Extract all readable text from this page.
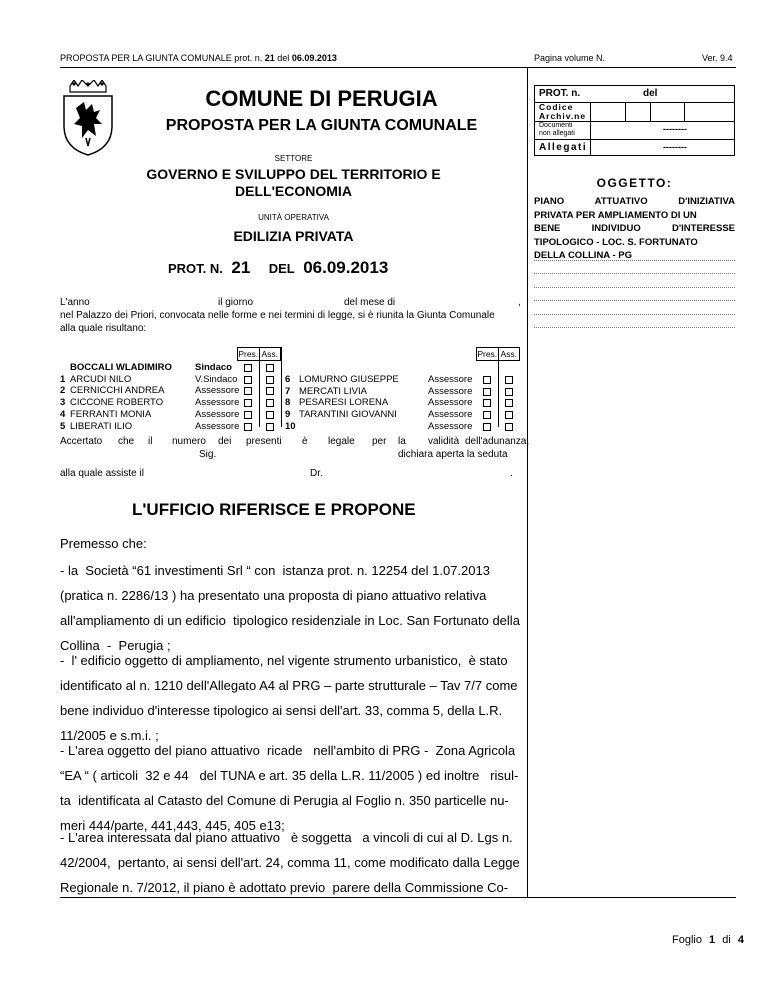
PROPOSTA PER LA GIUNTA COMUNALE prot. n. 21 del 06.09.2013	Pagina volume N.	Ver. 9.4
COMUNE DI PERUGIA
PROPOSTA PER LA GIUNTA COMUNALE
SETTORE
GOVERNO E SVILUPPO DEL TERRITORIO E
DELL'ECONOMIA
UNITÀ OPERATIVA
EDILIZIA PRIVATA
PROT. N. 21 DEL 06.09.2013
PROT. n.	del
Codice
Archiv.ne
Documenti
non allegati	--------
Allegati	--------
OGGETTO:
PIANO	ATTUATIVO	D'INIZIATIVA
PRIVATA PER AMPLIAMENTO DI UN
BENE	INDIVIDUO	D'INTERESSE
TIPOLOGICO - LOC. S. FORTUNATO
DELLA COLLINA - PG
L'anno	il giorno	del mese di	,
nel Palazzo dei Priori, convocata nelle forme e nei termini di legge, si è riunita la Giunta Comunale
alla quale risultano:
Pres. Ass.	Pres. Ass.
BOCCALI WLADIMIRO Sindaco
1 ARCUDI NILO	V.Sindaco
2 CERNICCHI ANDREA	Assessore
3 CICCONE ROBERTO	Assessore
4 FERRANTI MONIA	Assessore
5 LIBERATI ILIO	Assessore
6 LOMURNO GIUSEPPE	Assessore
7 MERCATI LIVIA	Assessore
8 PESARESI LORENA	Assessore
9 TARANTINI GIOVANNI	Assessore
10	Assessore
Accertato che il numero dei presenti è legale per la validità dell'adunanza,
Sig.	dichiara aperta la seduta
alla quale assiste il	Dr.	.
L'UFFICIO RIFERISCE E PROPONE
Premesso che:
- la  Società “61 investimenti Srl “ con  istanza prot. n. 12254 del 1.07.2013
(pratica n. 2286/13 ) ha presentato una proposta di piano attuativo relativa
all'ampliamento di un edificio  tipologico residenziale in Loc. San Fortunato della
Collina  -  Perugia ;
-  l' edificio oggetto di ampliamento, nel vigente strumento urbanistico,  è stato
identificato al n. 1210 dell'Allegato A4 al PRG – parte strutturale – Tav 7/7 come
bene individuo d'interesse tipologico ai sensi dell'art. 33, comma 5, della L.R.
11/2005 e s.m.i. ;
- L'area oggetto del piano attuativo  ricade   nell'ambito di PRG -  Zona Agricola
“EA “ ( articoli  32 e 44   del TUNA e art. 35 della L.R. 11/2005 ) ed inoltre   risul-
ta  identificata al Catasto del Comune di Perugia al Foglio n. 350 particelle nu-
meri 444/parte, 441,443, 445, 405 e13;
- L'area interessata dal piano attuativo   è soggetta   a vincoli di cui al D. Lgs n.
42/2004,  pertanto, ai sensi dell'art. 24, comma 11, come modificato dalla Legge
Regionale n. 7/2012, il piano è adottato previo  parere della Commissione Co-
Foglio 1 di 4
